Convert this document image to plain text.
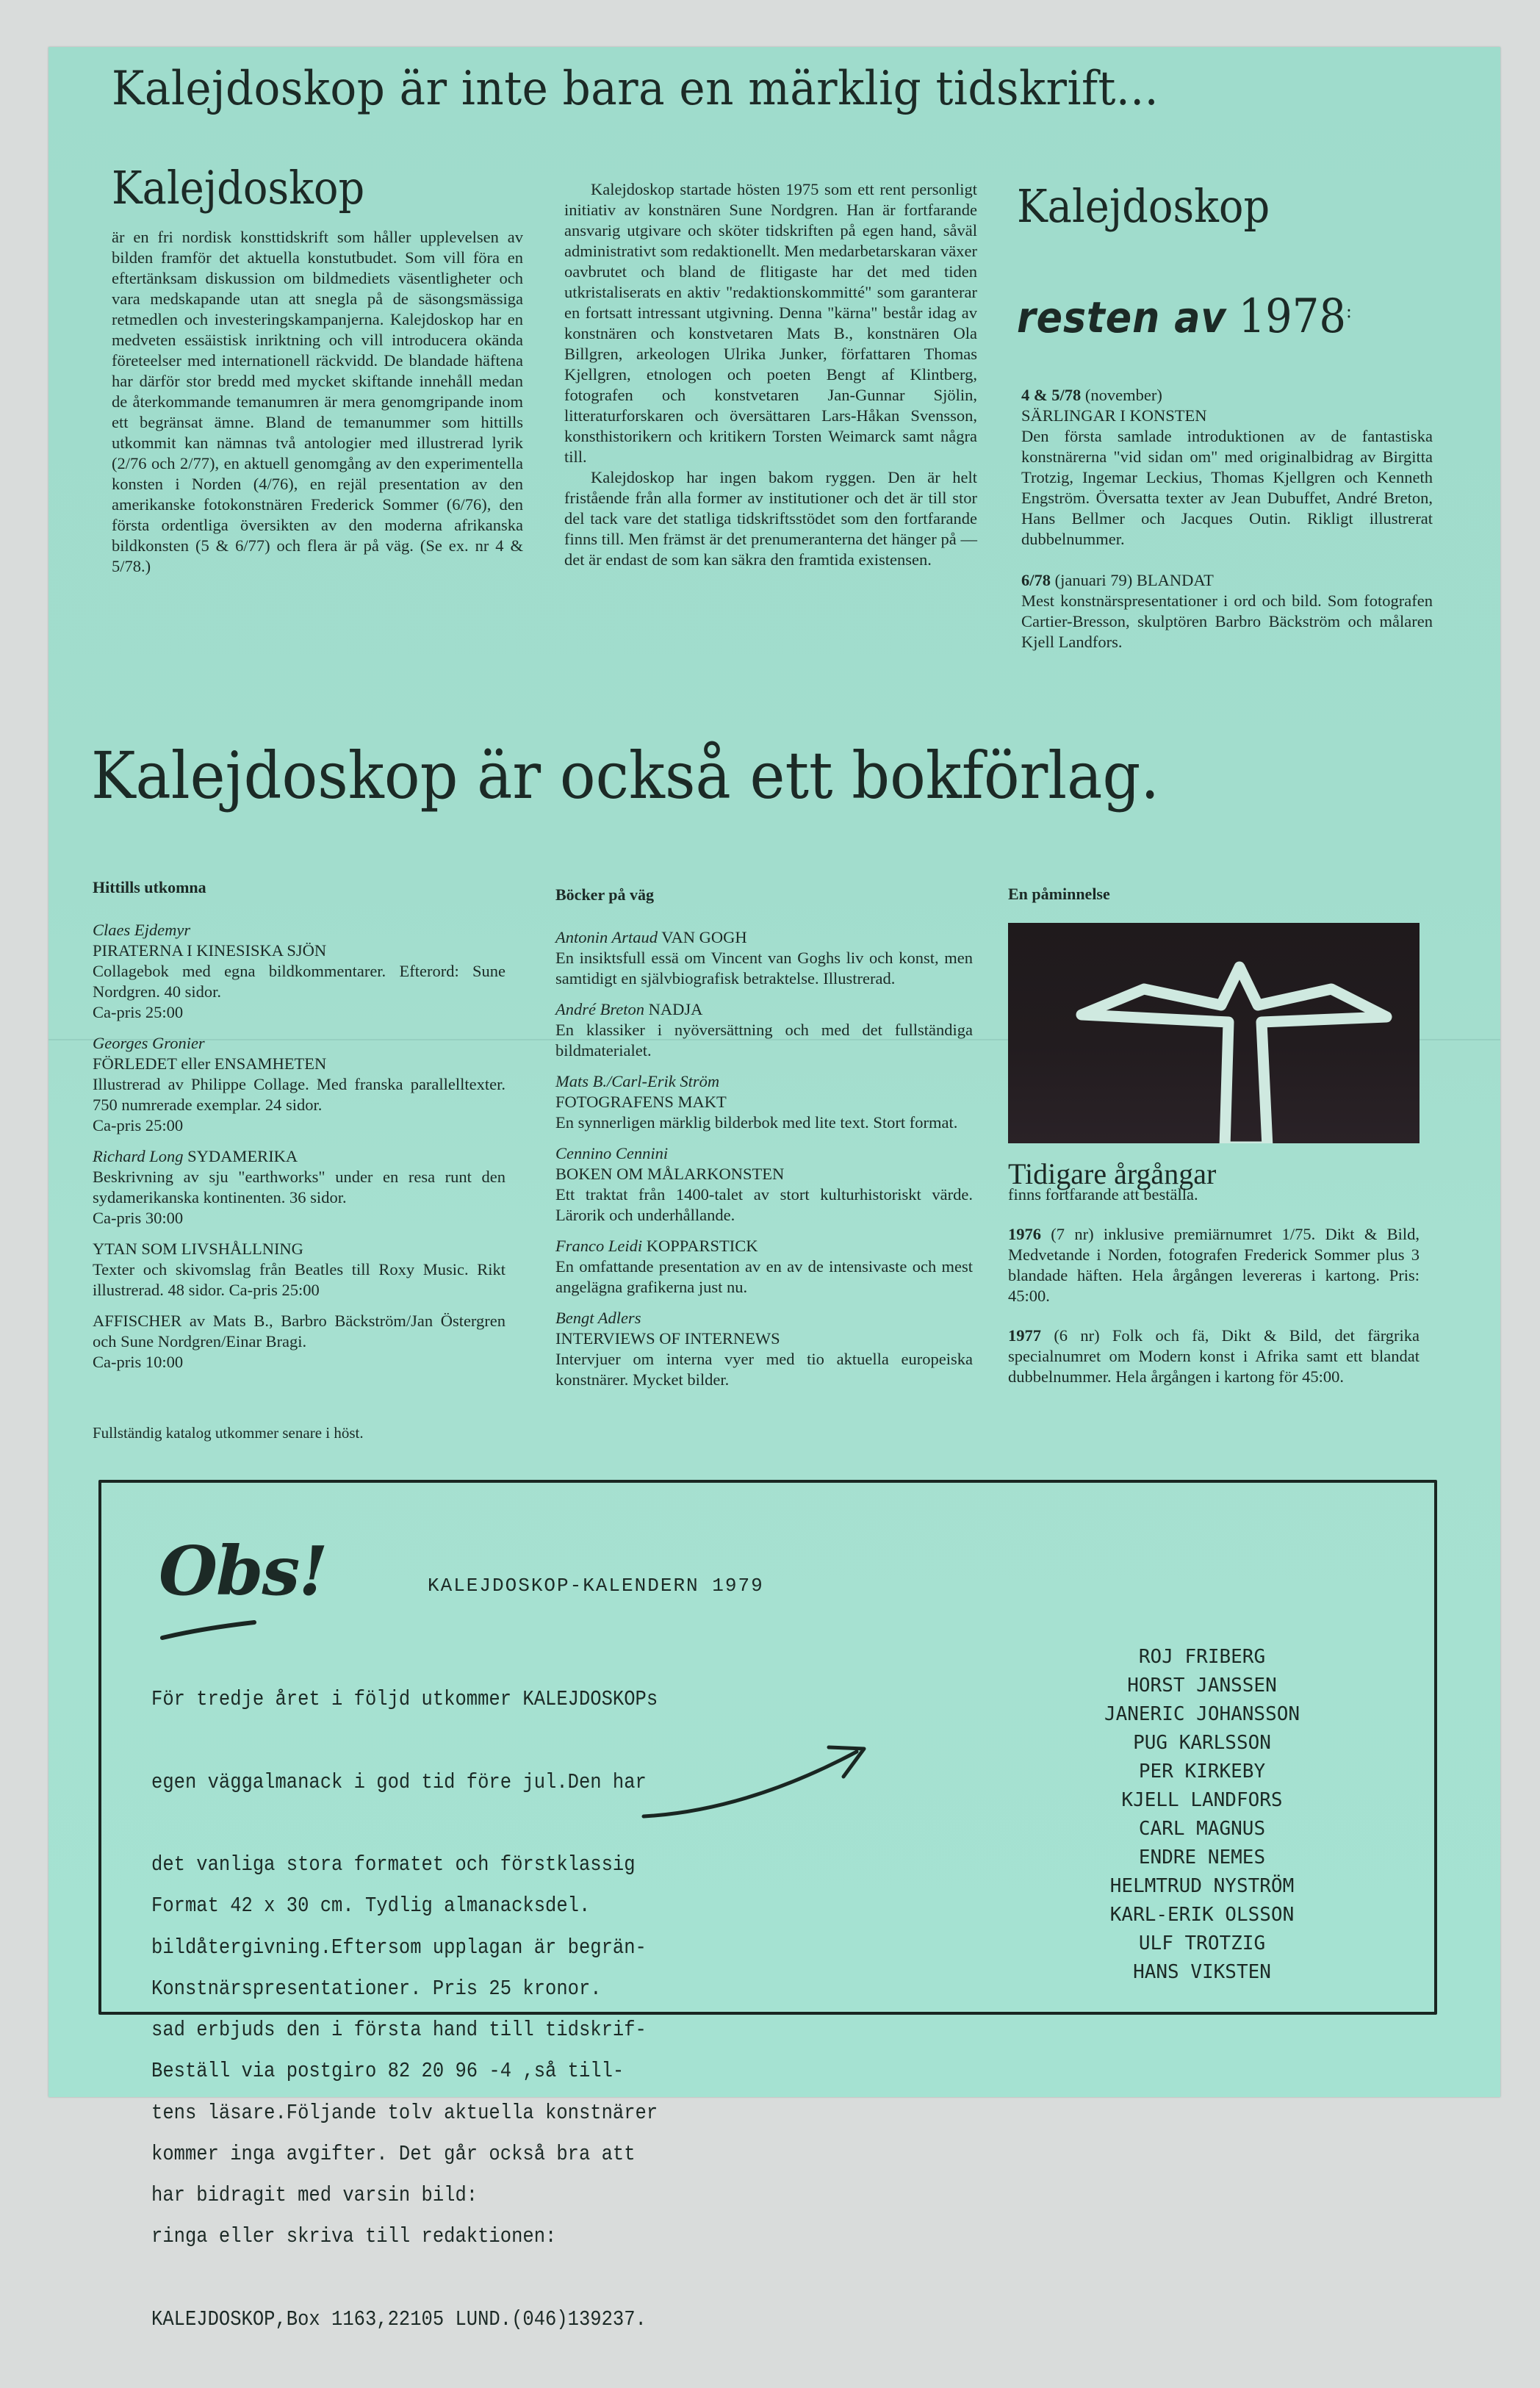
Kalejdoskop är inte bara en märklig tidskrift...
Kalejdoskop

är en fri nordisk konsttidskrift som håller upplevelsen av bilden framför det aktuella konstutbudet. Som vill föra en eftertänksam diskussion om bildmediets väsentligheter och vara medskapande utan att snegla på de säsongsmässiga retmedlen och investeringskampanjerna. Kalejdoskop har en medveten essäistisk inriktning och vill introducera okända företeelser med internationell räckvidd. De blandade häftena har därför stor bredd med mycket skiftande innehåll medan de återkommande temanumren är mera genomgripande inom ett begränsat ämne. Bland de temanummer som hittills utkommit kan nämnas två antologier med illustrerad lyrik (2/76 och 2/77), en aktuell genomgång av den experimentella konsten i Norden (4/76), en rejäl presentation av den amerikanske fotokonstnären Frederick Sommer (6/76), den första ordentliga översikten av den moderna afrikanska bildkonsten (5 & 6/77) och flera är på väg. (Se ex. nr 4 & 5/78.)

Kalejdoskop startade hösten 1975 som ett rent personligt initiativ av konstnären Sune Nordgren. Han är fortfarande ansvarig utgivare och sköter tidskriften på egen hand, såväl administrativt som redaktionellt. Men medarbetarskaran växer oavbrutet och bland de flitigaste har det med tiden utkristaliserats en aktiv "redaktionskommitté" som garanterar en fortsatt intressant utgivning. Denna "kärna" består idag av konstnären och konstvetaren Mats B., konstnären Ola Billgren, arkeologen Ulrika Junker, författaren Thomas Kjellgren, etnologen och poeten Bengt af Klintberg, fotografen och konstvetaren Jan-Gunnar Sjölin, litteraturforskaren och översättaren Lars-Håkan Svensson, konsthistorikern och kritikern Torsten Weimarck samt några till.

Kalejdoskop har ingen bakom ryggen. Den är helt fristående från alla former av institutioner och det är till stor del tack vare det statliga tidskriftsstödet som den fortfarande finns till. Men främst är det prenumeranterna det hänger på — det är endast de som kan säkra den framtida existensen.

Kalejdoskop
resten av 1978:
4 & 5/78 (november)
SÄRLINGAR I KONSTEN
Den första samlade introduktionen av de fantastiska konstnärerna "vid sidan om" med originalbidrag av Birgitta Trotzig, Ingemar Leckius, Thomas Kjellgren och Kenneth Engström. Översatta texter av Jean Dubuffet, André Breton, Hans Bellmer och Jacques Outin. Rikligt illustrerat dubbelnummer.
6/78 (januari 79) BLANDAT
Mest konstnärspresentationer i ord och bild. Som fotografen Cartier-Bresson, skulptören Barbro Bäckström och målaren Kjell Landfors.
Kalejdoskop är också ett bokförlag.
Hittills utkomna
Claes Ejdemyr
PIRATERNA I KINESISKA SJÖN
Collagebok med egna bildkommentarer. Efterord: Sune Nordgren. 40 sidor.
Ca-pris 25:00
Georges Gronier
FÖRLEDET eller ENSAMHETEN
Illustrerad av Philippe Collage. Med franska parallelltexter. 750 numrerade exemplar. 24 sidor.
Ca-pris 25:00
Richard Long SYDAMERIKA
Beskrivning av sju "earthworks" under en resa runt den sydamerikanska kontinenten. 36 sidor.
Ca-pris 30:00
YTAN SOM LIVSHÅLLNING
Texter och skivomslag från Beatles till Roxy Music. Rikt illustrerad. 48 sidor. Ca-pris 25:00
AFFISCHER av Mats B., Barbro Bäckström/Jan Östergren och Sune Nordgren/Einar Bragi.
Ca-pris 10:00
Fullständig katalog utkommer senare i höst.
Böcker på väg
Antonin Artaud VAN GOGH
En insiktsfull essä om Vincent van Goghs liv och konst, men samtidigt en självbiografisk betraktelse. Illustrerad.
André Breton NADJA
En klassiker i nyöversättning och med det fullständiga bildmaterialet.
Mats B./Carl-Erik Ström
FOTOGRAFENS MAKT
En synnerligen märklig bilderbok med lite text. Stort format.
Cennino Cennini
BOKEN OM MÅLARKONSTEN
Ett traktat från 1400-talet av stort kulturhistoriskt värde. Lärorik och underhållande.
Franco Leidi KOPPARSTICK
En omfattande presentation av en av de intensivaste och mest angelägna grafikerna just nu.
Bengt Adlers
INTERVIEWS OF INTERNEWS
Intervjuer om interna vyer med tio aktuella europeiska konstnärer. Mycket bilder.
En påminnelse
Tidigare årgångar
finns fortfarande att beställa.
1976 (7 nr) inklusive premiärnumret 1/75. Dikt & Bild, Medvetande i Norden, fotografen Frederick Sommer plus 3 blandade häften. Hela årgången levereras i kartong. Pris: 45:00.
1977 (6 nr) Folk och fä, Dikt & Bild, det färgrika specialnumret om Modern konst i Afrika samt ett blandat dubbelnummer. Hela årgången i kartong för 45:00.
Obs!	KALEJDOSKOP-KALENDERN 1979

För tredje året i följd utkommer KALEJDOSKOPs

egen väggalmanack i god tid före jul.Den har

det vanliga stora formatet och förstklassig

bildåtergivning.Eftersom upplagan är begrän-

sad erbjuds den i första hand till tidskrif-

tens läsare.Följande tolv aktuella konstnärer

har bidragit med varsin bild:

Format 42 x 30 cm. Tydlig almanacksdel.

Konstnärspresentationer. Pris 25 kronor.

Beställ via postgiro 82 20 96 -4 ,så till-

kommer inga avgifter. Det går också bra att

ringa eller skriva till redaktionen:

KALEJDOSKOP,Box 1163,22105 LUND.(046)139237.

ROJ FRIBERG
HORST JANSSEN
JANERIC JOHANSSON
PUG KARLSSON
PER KIRKEBY
KJELL LANDFORS
CARL MAGNUS
ENDRE NEMES
HELMTRUD NYSTRÖM
KARL-ERIK OLSSON
ULF TROTZIG
HANS VIKSTEN
